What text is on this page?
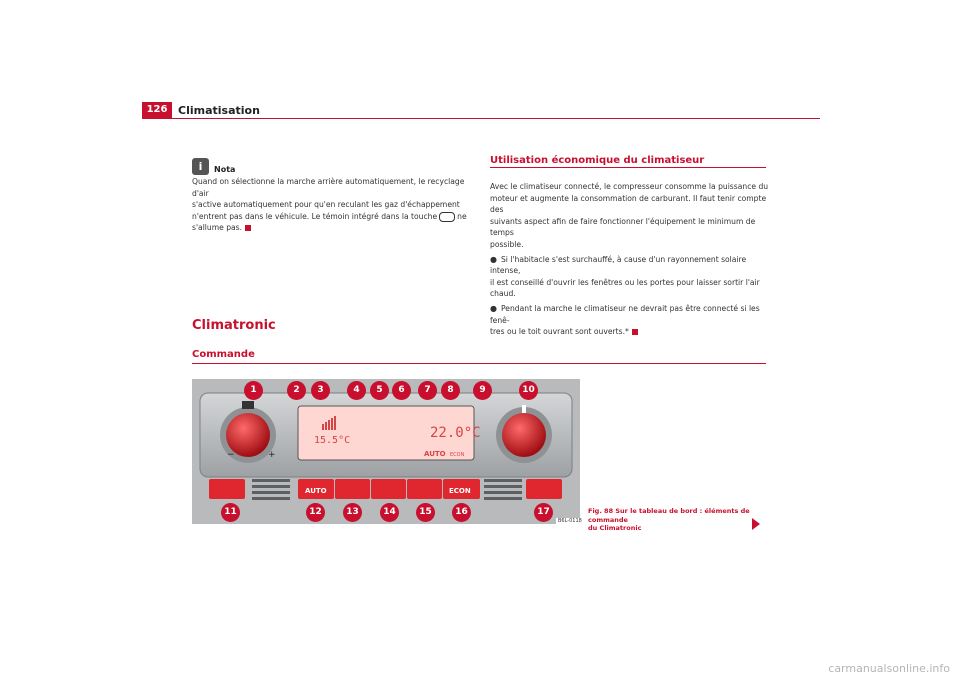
126 Climatisation
i	Nota
Quand on sélectionne la marche arrière automatiquement, le recyclage d'air
s'active automatiquement pour qu'en reculant les gaz d'échappement
n'entrent pas dans le véhicule. Le témoin intégré dans la touche	ne
s'allume pas.
Utilisation économique du climatiseur
Avec le climatiseur connecté, le compresseur consomme la puissance du
moteur et augmente la consommation de carburant. Il faut tenir compte des
suivants aspect afin de faire fonctionner l'équipement le minimum de temps
possible.
● Si l'habitacle s'est surchauffé, à cause d'un rayonnement solaire intense,
il est conseillé d'ouvrir les fenêtres ou les portes pour laisser sortir l'air
chaud.
● Pendant la marche le climatiseur ne devrait pas être connecté si les fenê-
tres ou le toit ouvrant sont ouverts.*
Climatronic
Commande
−	+
15.5°C	22.0°C
AUTO ECON
AUTO	ECON
1	2	3	4	5	6	7	8	9	10
11	12	13	14	15	16	17
B6L-0118
Fig. 88 Sur le tableau de bord : éléments de commande
du Climatronic
carmanualsonline.info
